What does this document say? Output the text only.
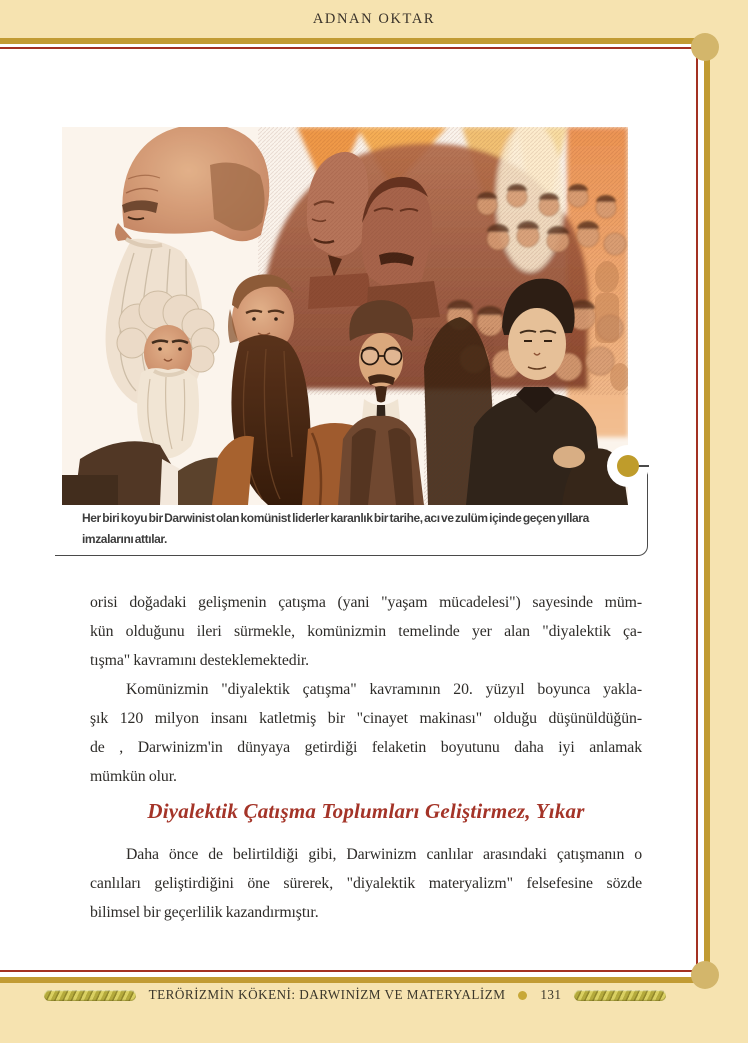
ADNAN OKTAR
Her biri koyu bir Darwinist olan komünist liderler karanlık bir tarihe, acı ve zulüm içinde geçen yıllara imzalarını attılar.
orisi doğadaki gelişmenin çatışma (yani "yaşam mücadelesi") sayesinde müm-
kün olduğunu ileri sürmekle, komünizmin temelinde yer alan "diyalektik ça-
tışma" kavramını desteklemektedir.
Komünizmin "diyalektik çatışma" kavramının 20. yüzyıl boyunca yakla-
şık 120 milyon insanı katletmiş bir "cinayet makinası" olduğu düşünüldüğün-
de , Darwinizm'in dünyaya getirdiği felaketin boyutunu daha iyi anlamak
mümkün olur.
Diyalektik Çatışma Toplumları Geliştirmez, Yıkar
Daha önce de belirtildiği gibi, Darwinizm canlılar arasındaki çatışmanın o
canlıları geliştirdiğini öne sürerek, "diyalektik materyalizm" felsefesine sözde
bilimsel bir geçerlilik kazandırmıştır.
TERÖRİZMİN KÖKENİ: DARWINİZM VE MATERYALİZM	131
